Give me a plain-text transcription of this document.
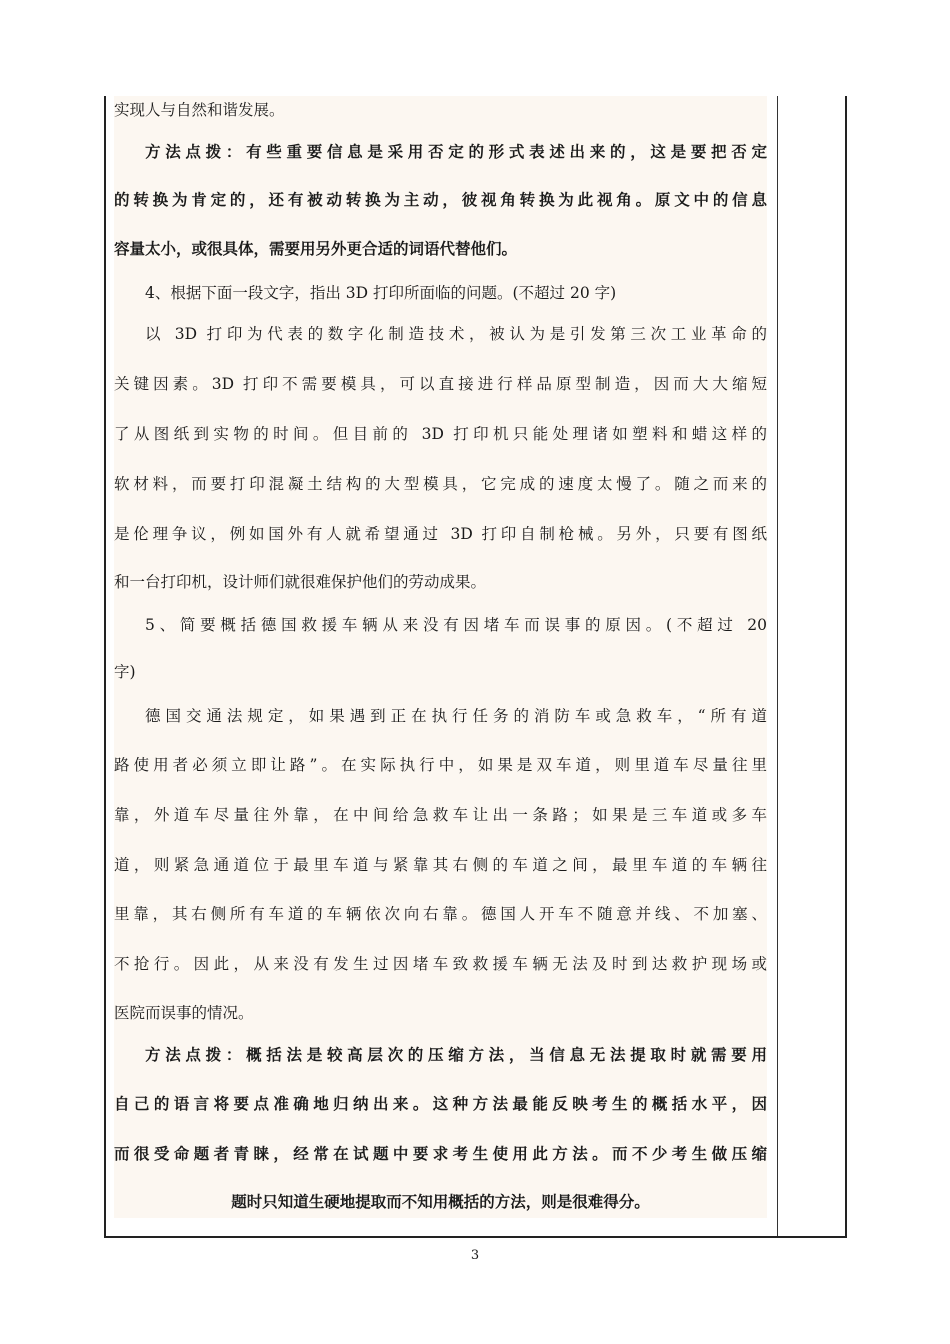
实现人与自然和谐发展。
方法点拨：有些重要信息是采用否定的形式表述出来的，这是要把否定
的转换为肯定的，还有被动转换为主动，彼视角转换为此视角。原文中的信息
容量太小，或很具体，需要用另外更合适的词语代替他们。
4、根据下面一段文字，指出 3D 打印所面临的问题。(不超过 20 字)
以 3D 打印为代表的数字化制造技术，被认为是引发第三次工业革命的
关键因素。3D 打印不需要模具，可以直接进行样品原型制造，因而大大缩短
了从图纸到实物的时间。但目前的 3D 打印机只能处理诸如塑料和蜡这样的
软材料，而要打印混凝土结构的大型模具，它完成的速度太慢了。随之而来的
是伦理争议，例如国外有人就希望通过 3D 打印自制枪械。另外，只要有图纸
和一台打印机，设计师们就很难保护他们的劳动成果。
5、简要概括德国救援车辆从来没有因堵车而误事的原因。(不超过 20
字)
德国交通法规定，如果遇到正在执行任务的消防车或急救车，“所有道
路使用者必须立即让路”。在实际执行中，如果是双车道，则里道车尽量往里
靠，外道车尽量往外靠，在中间给急救车让出一条路；如果是三车道或多车
道，则紧急通道位于最里车道与紧靠其右侧的车道之间，最里车道的车辆往
里靠，其右侧所有车道的车辆依次向右靠。德国人开车不随意并线、不加塞、
不抢行。因此，从来没有发生过因堵车致救援车辆无法及时到达救护现场或
医院而误事的情况。
方法点拨：概括法是较高层次的压缩方法，当信息无法提取时就需要用
自己的语言将要点准确地归纳出来。这种方法最能反映考生的概括水平，因
而很受命题者青睐，经常在试题中要求考生使用此方法。而不少考生做压缩
题时只知道生硬地提取而不知用概括的方法，则是很难得分。
3
